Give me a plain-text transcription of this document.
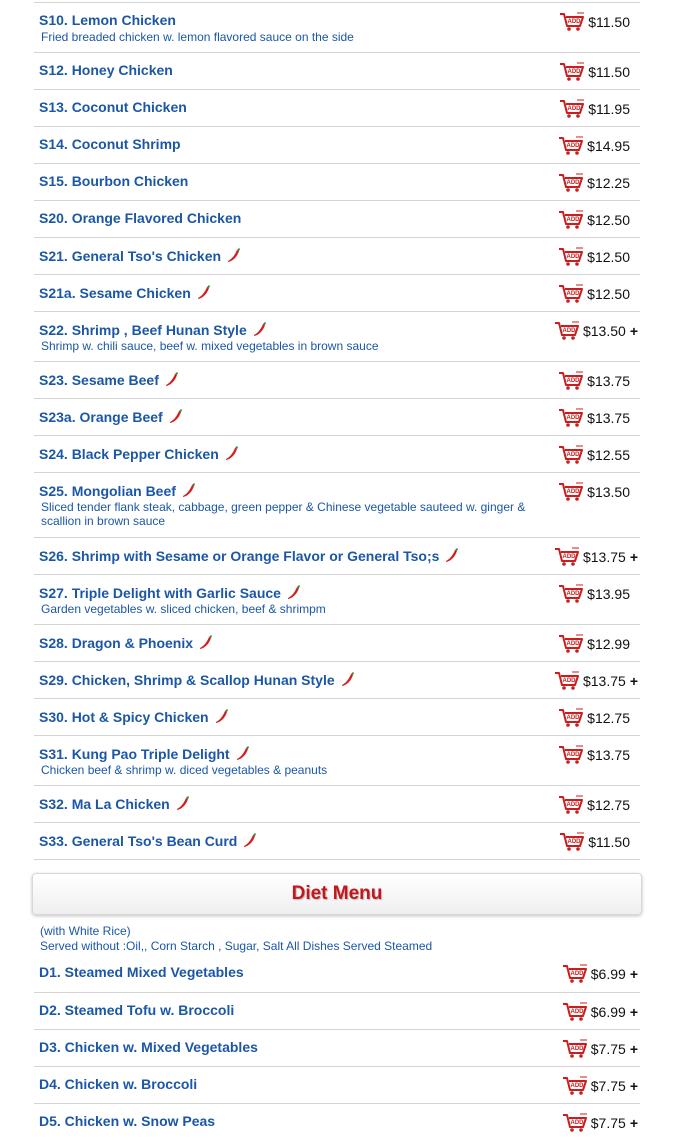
S10. Lemon Chicken
Fried breaded chicken w. lemon flavored sauce on the side
ADD $11.50
S12. Honey Chicken	ADD $11.50
S13. Coconut Chicken	ADD $11.95
S14. Coconut Shrimp	ADD $14.95
S15. Bourbon Chicken	ADD $12.25
S20. Orange Flavored Chicken	ADD $12.50
S21. General Tso's Chicken	ADD $12.50
S21a. Sesame Chicken	ADD $12.50
S22. Shrimp , Beef Hunan Style
Shrimp w. chili sauce, beef w. mixed vegetables in brown sauce
ADD $13.50 +
S23. Sesame Beef	ADD $13.75
S23a. Orange Beef	ADD $13.75
S24. Black Pepper Chicken	ADD $12.55
S25. Mongolian Beef
Sliced tender flank steak, cabbage, green pepper & Chinese vegetable sauteed w. ginger & scallion in brown sauce
ADD $13.50
S26. Shrimp with Sesame or Orange Flavor or General Tso;s	ADD $13.75 +
S27. Triple Delight with Garlic Sauce
Garden vegetables w. sliced chicken, beef & shrimpm
ADD $13.95
S28. Dragon & Phoenix	ADD $12.99
S29. Chicken, Shrimp & Scallop Hunan Style	ADD $13.75 +
S30. Hot & Spicy Chicken	ADD $12.75
S31. Kung Pao Triple Delight
Chicken beef & shrimp w. diced vegetables & peanuts
ADD $13.75
S32. Ma La Chicken	ADD $12.75
S33. General Tso's Bean Curd	ADD $11.50
Diet Menu
(with White Rice)
Served without :Oil,, Corn Starch , Sugar, Salt All Dishes Served Steamed
D1. Steamed Mixed Vegetables	ADD $6.99 +
D2. Steamed Tofu w. Broccoli	ADD $6.99 +
D3. Chicken w. Mixed Vegetables	ADD $7.75 +
D4. Chicken w. Broccoli	ADD $7.75 +
D5. Chicken w. Snow Peas	ADD $7.75 +
